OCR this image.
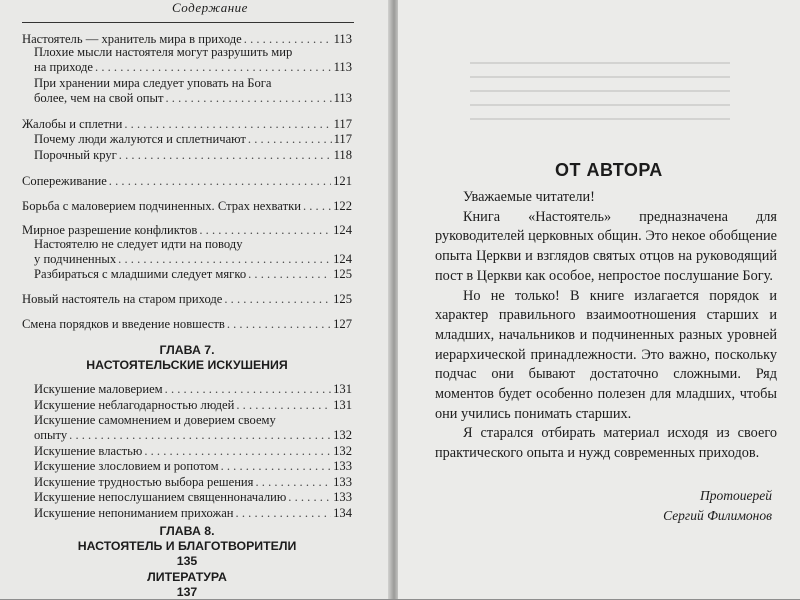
Содержание
Настоятель — хранитель мира в приходе . . .	113
Плохие мысли настоятеля могут разрушить мир
на приходе . . .	113
При хранении мира следует уповать на Бога
более, чем на свой опыт . . .	113
Жалобы и сплетни . . .	117
Почему люди жалуются и сплетничают . . .	117
Порочный круг . . .	118
Сопереживание . . .	121
Борьба с маловерием подчиненных. Страх нехватки . . .	122
Мирное разрешение конфликтов . . .	124
Настоятелю не следует идти на поводу
у подчиненных . . .	124
Разбираться с младшими следует мягко . . .	125
Новый настоятель на старом приходе . . .	125
Смена порядков и введение новшеств . . .	127
ГЛАВА 7.
НАСТОЯТЕЛЬСКИЕ ИСКУШЕНИЯ
Искушение маловерием . . .	131
Искушение неблагодарностью людей . . .	131
Искушение самомнением и доверием своему
опыту . . .	132
Искушение властью . . .	132
Искушение злословием и ропотом . . .	133
Искушение трудностью выбора решения . . .	133
Искушение непослушанием священноначалию . . .	133
Искушение непониманием прихожан . . .	134
ГЛАВА 8.
НАСТОЯТЕЛЬ И БЛАГОТВОРИТЕЛИ
135
ЛИТЕРАТУРА
137
ОТ АВТОРА

Уважаемые читатели!

Книга «Настоятель» предназначена для руководителей церковных общин. Это некое обобщение опыта Церкви и взглядов святых отцов на руководящий пост в Церкви как особое, непростое послушание Богу.

Но не только! В книге излагается порядок и характер правильного взаимоотношения старших и младших, начальников и подчиненных разных уровней иерархической принадлежности. Это важно, поскольку подчас они бывают достаточно сложными. Ряд моментов будет особенно полезен для младших, чтобы они учились понимать старших.

Я старался отбирать материал исходя из своего практического опыта и нужд современных приходов.

Протоиерей
Сергий Филимонов
